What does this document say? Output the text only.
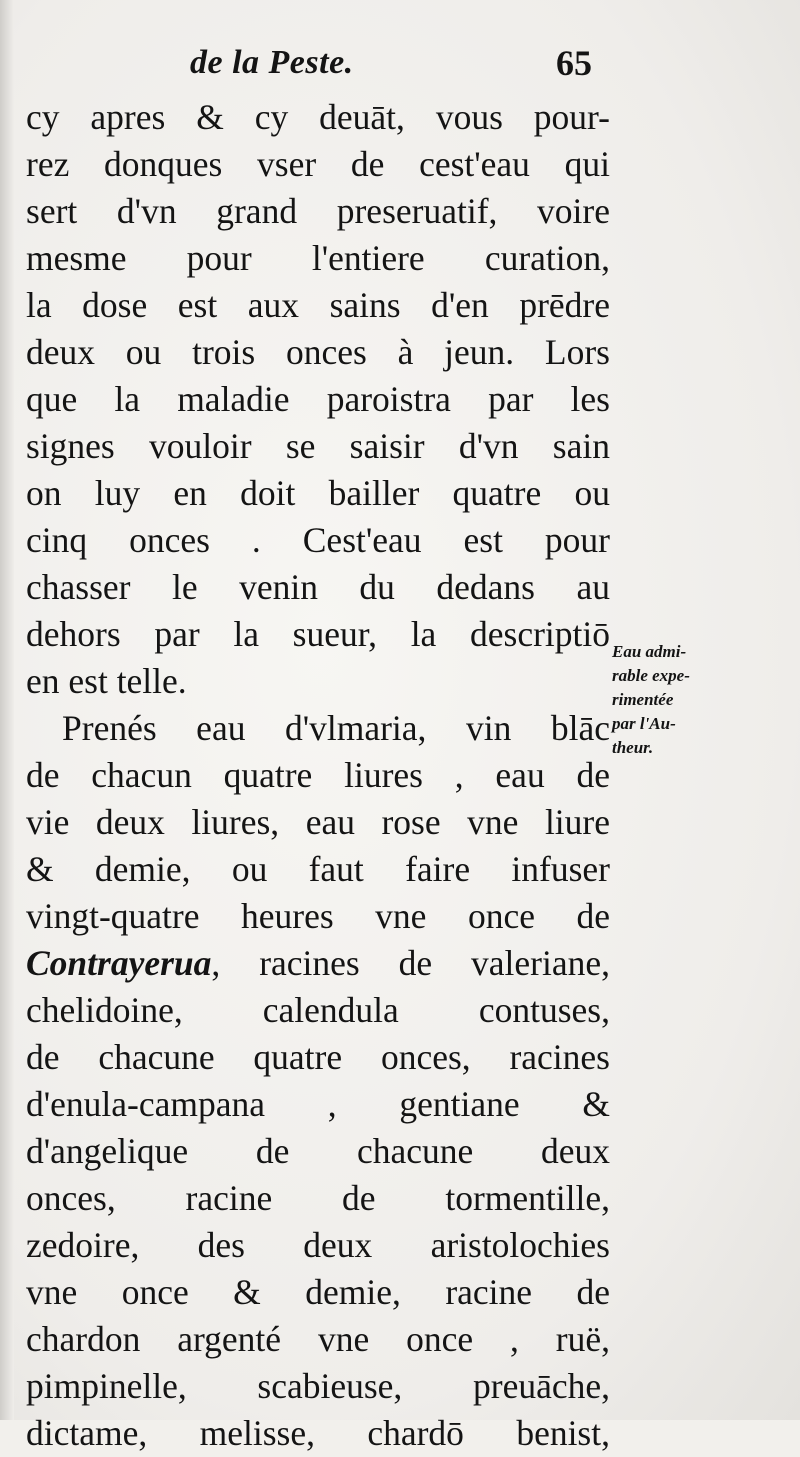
de la Peste.	65
cy apres & cy deuāt, vous pour-
rez donques vser de cest'eau qui
sert d'vn grand preseruatif, voire
mesme pour l'entiere curation,
la dose est aux sains d'en prēdre
deux ou trois onces à jeun. Lors
que la maladie paroistra par les
signes vouloir se saisir d'vn sain
on luy en doit bailler quatre ou
cinq onces . Cest'eau est pour
chasser le venin du dedans au
dehors par la sueur, la descriptiō
en est telle.
Prenés eau d'vlmaria, vin blāc
de chacun quatre liures , eau de
vie deux liures, eau rose vne liure
& demie, ou faut faire infuser
vingt-quatre heures vne once de
Contrayerua, racines de valeriane,
chelidoine, calendula contuses,
de chacune quatre onces, racines
d'enula-campana , gentiane &
d'angelique de chacune deux
onces, racine de tormentille,
zedoire, des deux aristolochies
vne once & demie, racine de
chardon argenté vne once , ruë,
pimpinelle, scabieuse, preuāche,
dictame, melisse, chardō benist,
Eau admi-
rable expe-
rimentée
par l'Au-
theur.
